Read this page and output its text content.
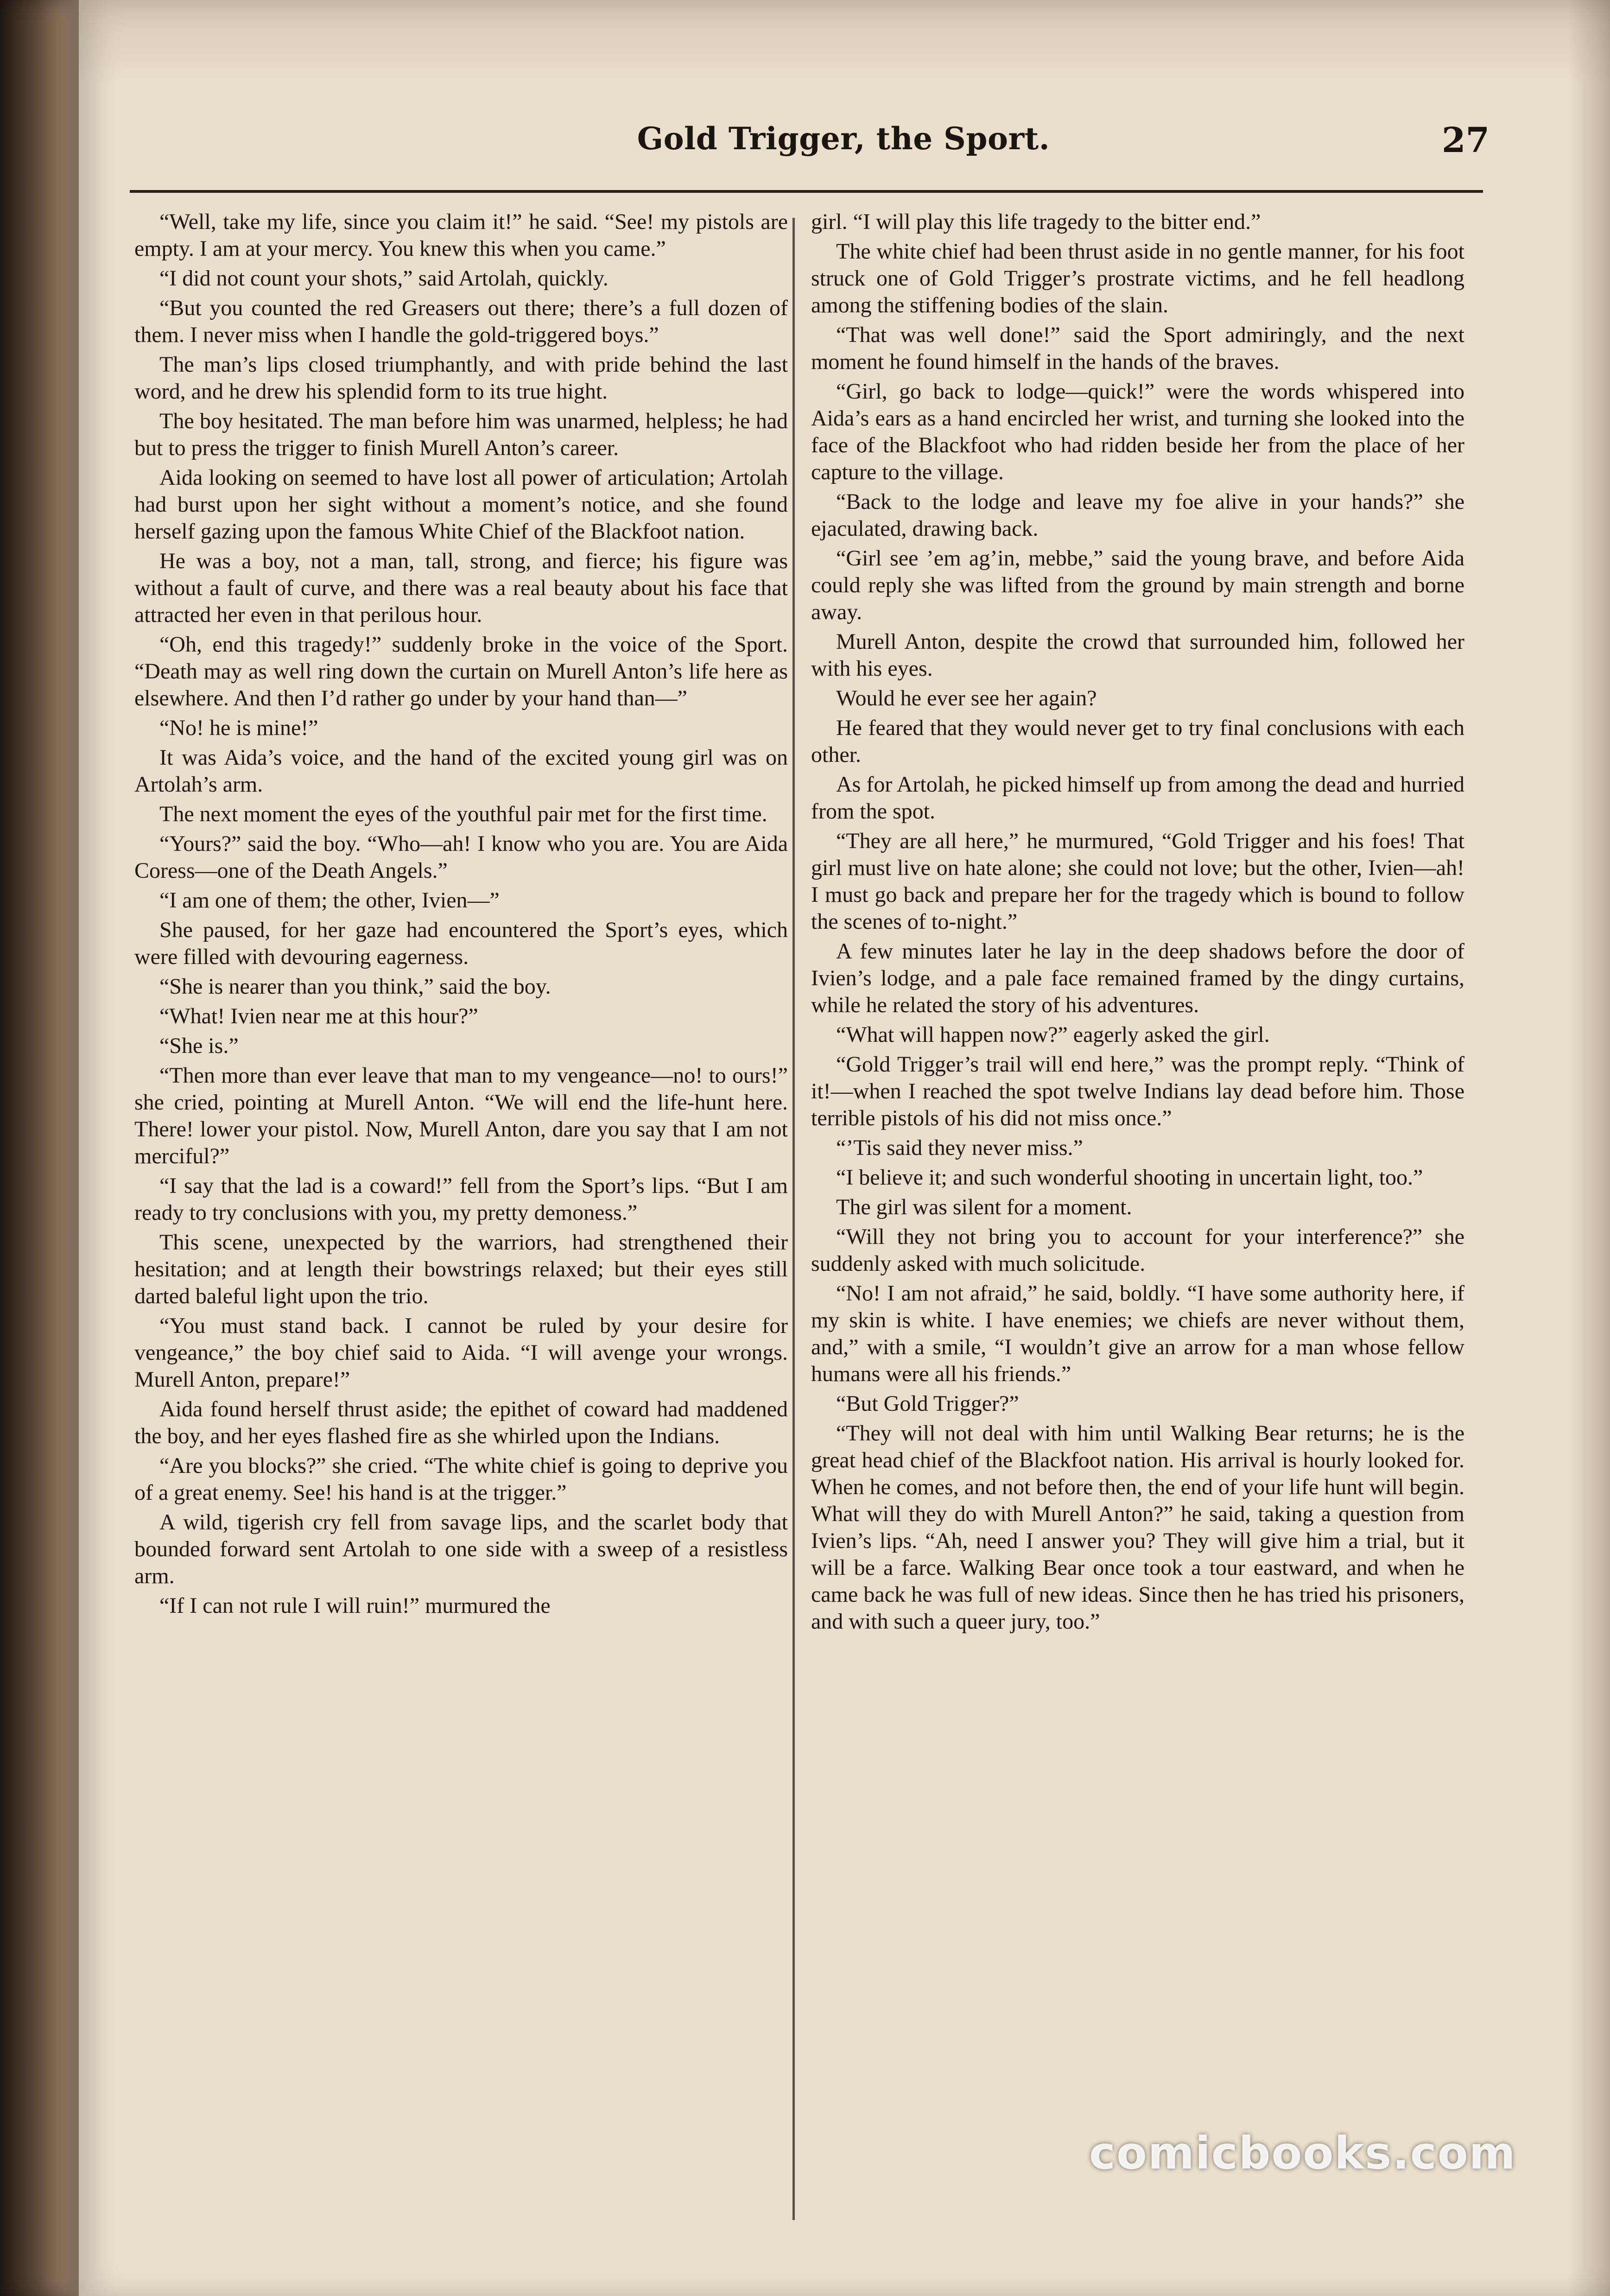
Gold Trigger, the Sport.	27

“Well, take my life, since you claim it!” he said. “See! my pistols are empty. I am at your mercy. You knew this when you came.”

“I did not count your shots,” said Artolah, quickly.

“But you counted the red Greasers out there; there’s a full dozen of them. I never miss when I handle the gold-triggered boys.”

The man’s lips closed triumphantly, and with pride behind the last word, and he drew his splendid form to its true hight.

The boy hesitated. The man before him was unarmed, helpless; he had but to press the trigger to finish Murell Anton’s career.

Aida looking on seemed to have lost all power of articulation; Artolah had burst upon her sight without a moment’s notice, and she found herself gazing upon the famous White Chief of the Blackfoot nation.

He was a boy, not a man, tall, strong, and fierce; his figure was without a fault of curve, and there was a real beauty about his face that attracted her even in that perilous hour.

“Oh, end this tragedy!” suddenly broke in the voice of the Sport. “Death may as well ring down the curtain on Murell Anton’s life here as elsewhere. And then I’d rather go under by your hand than—”

“No! he is mine!”

It was Aida’s voice, and the hand of the excited young girl was on Artolah’s arm.

The next moment the eyes of the youthful pair met for the first time.

“Yours?” said the boy. “Who—ah! I know who you are. You are Aida Coress—one of the Death Angels.”

“I am one of them; the other, Ivien—”

She paused, for her gaze had encountered the Sport’s eyes, which were filled with devouring eagerness.

“She is nearer than you think,” said the boy.

“What! Ivien near me at this hour?”

“She is.”

“Then more than ever leave that man to my vengeance—no! to ours!” she cried, pointing at Murell Anton. “We will end the life-hunt here. There! lower your pistol. Now, Murell Anton, dare you say that I am not merciful?”

“I say that the lad is a coward!” fell from the Sport’s lips. “But I am ready to try conclusions with you, my pretty demoness.”

This scene, unexpected by the warriors, had strengthened their hesitation; and at length their bowstrings relaxed; but their eyes still darted baleful light upon the trio.

“You must stand back. I cannot be ruled by your desire for vengeance,” the boy chief said to Aida. “I will avenge your wrongs. Murell Anton, prepare!”

Aida found herself thrust aside; the epithet of coward had maddened the boy, and her eyes flashed fire as she whirled upon the Indians.

“Are you blocks?” she cried. “The white chief is going to deprive you of a great enemy. See! his hand is at the trigger.”

A wild, tigerish cry fell from savage lips, and the scarlet body that bounded forward sent Artolah to one side with a sweep of a resistless arm.

“If I can not rule I will ruin!” murmured the

girl. “I will play this life tragedy to the bitter end.”

The white chief had been thrust aside in no gentle manner, for his foot struck one of Gold Trigger’s prostrate victims, and he fell headlong among the stiffening bodies of the slain.

“That was well done!” said the Sport admiringly, and the next moment he found himself in the hands of the braves.

“Girl, go back to lodge—quick!” were the words whispered into Aida’s ears as a hand encircled her wrist, and turning she looked into the face of the Blackfoot who had ridden beside her from the place of her capture to the village.

“Back to the lodge and leave my foe alive in your hands?” she ejaculated, drawing back.

“Girl see ’em ag’in, mebbe,” said the young brave, and before Aida could reply she was lifted from the ground by main strength and borne away.

Murell Anton, despite the crowd that surrounded him, followed her with his eyes.

Would he ever see her again?

He feared that they would never get to try final conclusions with each other.

As for Artolah, he picked himself up from among the dead and hurried from the spot.

“They are all here,” he murmured, “Gold Trigger and his foes! That girl must live on hate alone; she could not love; but the other, Ivien—ah! I must go back and prepare her for the tragedy which is bound to follow the scenes of to-night.”

A few minutes later he lay in the deep shadows before the door of Ivien’s lodge, and a pale face remained framed by the dingy curtains, while he related the story of his adventures.

“What will happen now?” eagerly asked the girl.

“Gold Trigger’s trail will end here,” was the prompt reply. “Think of it!—when I reached the spot twelve Indians lay dead before him. Those terrible pistols of his did not miss once.”

“’Tis said they never miss.”

“I believe it; and such wonderful shooting in uncertain light, too.”

The girl was silent for a moment.

“Will they not bring you to account for your interference?” she suddenly asked with much solicitude.

“No! I am not afraid,” he said, boldly. “I have some authority here, if my skin is white. I have enemies; we chiefs are never without them, and,” with a smile, “I wouldn’t give an arrow for a man whose fellow humans were all his friends.”

“But Gold Trigger?”

“They will not deal with him until Walking Bear returns; he is the great head chief of the Blackfoot nation. His arrival is hourly looked for. When he comes, and not before then, the end of your life hunt will begin. What will they do with Murell Anton?” he said, taking a question from Ivien’s lips. “Ah, need I answer you? They will give him a trial, but it will be a farce. Walking Bear once took a tour eastward, and when he came back he was full of new ideas. Since then he has tried his prisoners, and with such a queer jury, too.”

comicbooks.com
